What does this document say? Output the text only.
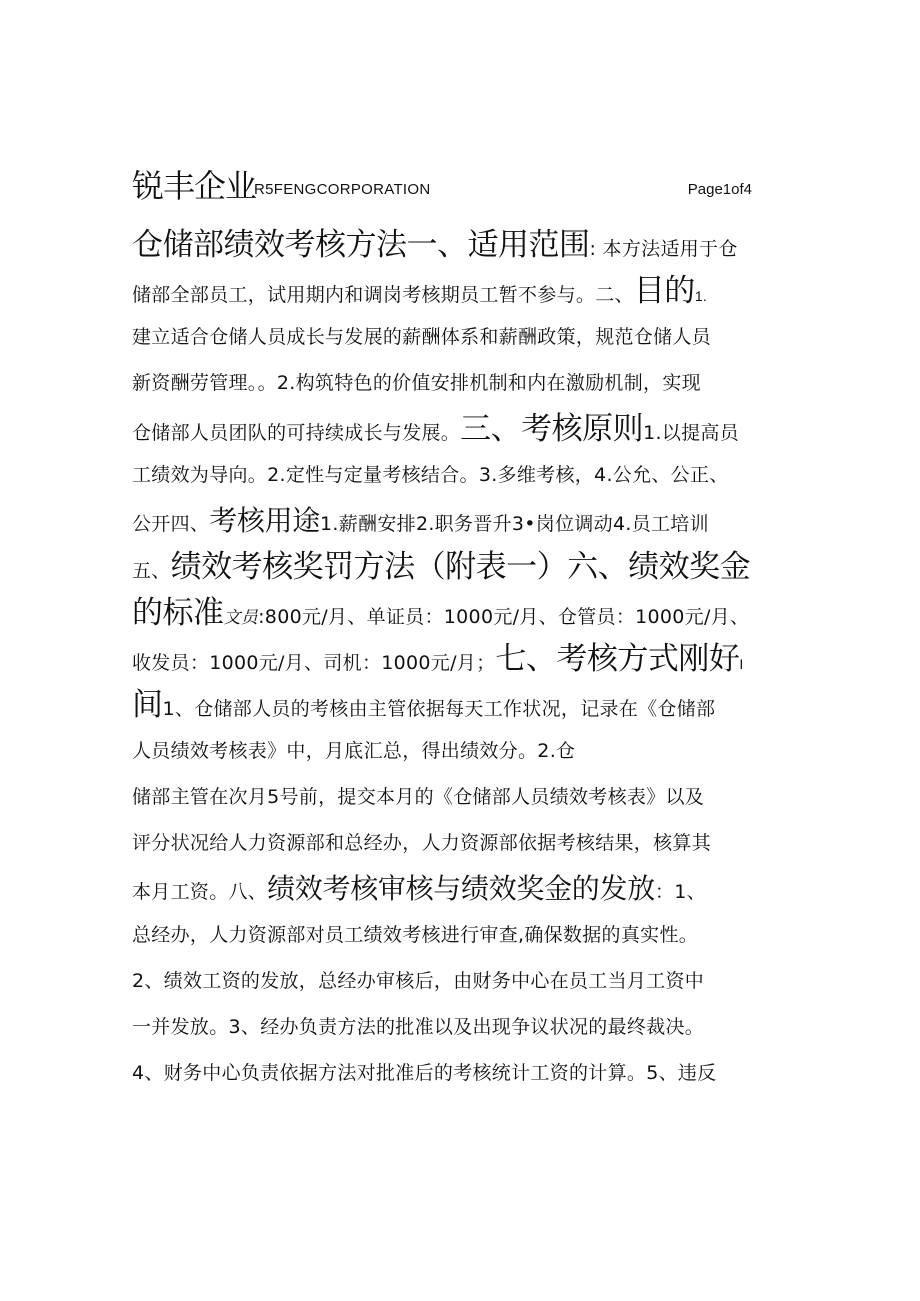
锐丰企业
R5FENGCORPORATION	Page1of4
仓储部绩效考核方法一、适用范围: 本方法适用于仓
储部全部员工，试用期内和调岗考核期员工暂不参与。二、目的1.
建立适合仓储人员成长与发展的薪酬体系和薪酬政策，规范仓储人员
新资酬劳管理。。2.构筑特色的价值安排机制和内在激励机制，实现
仓储部人员团队的可持续成长与发展。三、考核原则1.以提高员
工绩效为导向。2.定性与定量考核结合。3.多维考核，4.公允、公正、
公开四、考核用途1.薪酬安排2.职务晋升3•岗位调动4.员工培训
五、绩效考核奖罚方法（附表一）六、绩效奖金
的标准文员:800元/月、单证员：1000元/月、仓管员：1000元/月、
收发员：1000元/月、司机：1000元/月；七、考核方式刚好I
间1、仓储部人员的考核由主管依据每天工作状况，记录在《仓储部
人员绩效考核表》中，月底汇总，得出绩效分。2.仓
储部主管在次月5号前，提交本月的《仓储部人员绩效考核表》以及
评分状况给人力资源部和总经办，人力资源部依据考核结果，核算其
本月工资。八、绩效考核审核与绩效奖金的发放：1、
总经办，人力资源部对员工绩效考核进行审查,确保数据的真实性。
2、绩效工资的发放，总经办审核后，由财务中心在员工当月工资中
一并发放。3、经办负责方法的批准以及出现争议状况的最终裁决。
4、财务中心负责依据方法对批准后的考核统计工资的计算。5、违反
